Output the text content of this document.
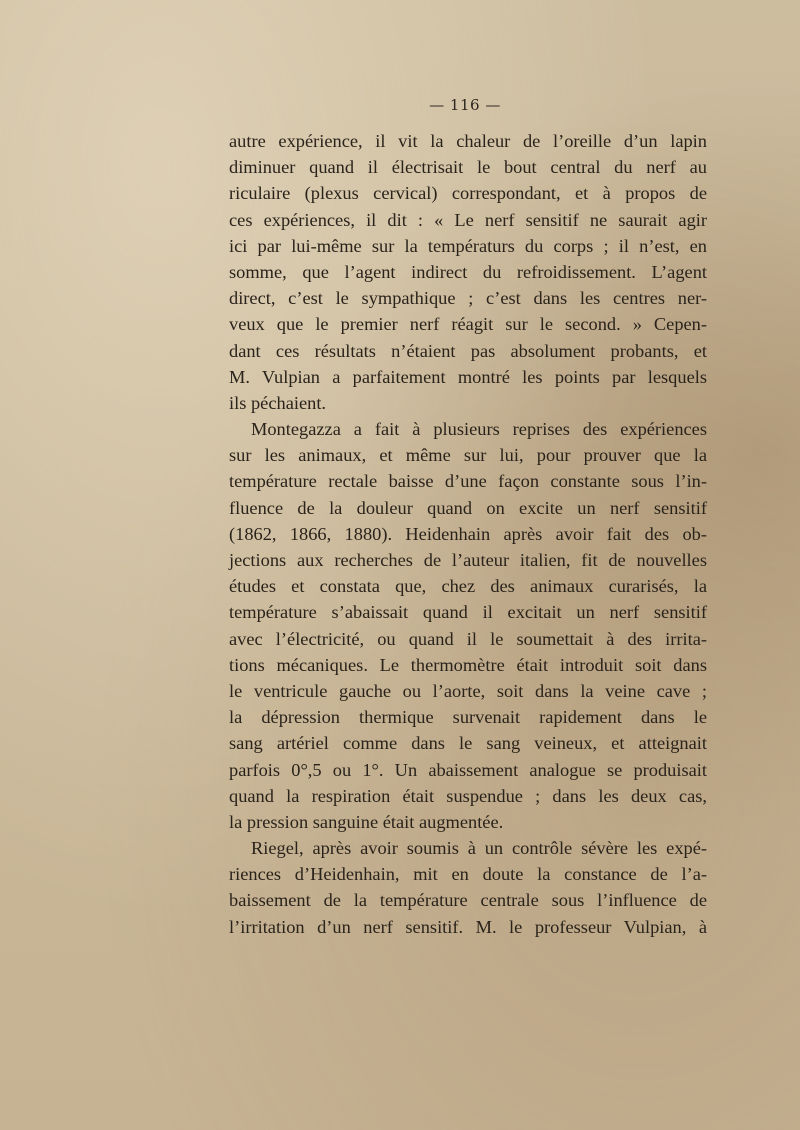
— 116 —
autre expérience, il vit la chaleur de l’oreille d’un lapin
diminuer quand il électrisait le bout central du nerf au
riculaire (plexus cervical) correspondant, et à propos de
ces expériences, il dit : « Le nerf sensitif ne saurait agir
ici par lui-même sur la températurs du corps ; il n’est, en
somme, que l’agent indirect du refroidissement. L’agent
direct, c’est le sympathique ; c’est dans les centres ner-
veux que le premier nerf réagit sur le second. » Cepen-
dant ces résultats n’étaient pas absolument probants, et
M. Vulpian a parfaitement montré les points par lesquels
ils péchaient.
Montegazza a fait à plusieurs reprises des expériences
sur les animaux, et même sur lui, pour prouver que la
température rectale baisse d’une façon constante sous l’in-
fluence de la douleur quand on excite un nerf sensitif
(1862, 1866, 1880). Heidenhain après avoir fait des ob-
jections aux recherches de l’auteur italien, fit de nouvelles
études et constata que, chez des animaux curarisés, la
température s’abaissait quand il excitait un nerf sensitif
avec l’électricité, ou quand il le soumettait à des irrita-
tions mécaniques. Le thermomètre était introduit soit dans
le ventricule gauche ou l’aorte, soit dans la veine cave ;
la dépression thermique survenait rapidement dans le
sang artériel comme dans le sang veineux, et atteignait
parfois 0°,5 ou 1°. Un abaissement analogue se produisait
quand la respiration était suspendue ; dans les deux cas,
la pression sanguine était augmentée.
Riegel, après avoir soumis à un contrôle sévère les expé-
riences d’Heidenhain, mit en doute la constance de l’a-
baissement de la température centrale sous l’influence de
l’irritation d’un nerf sensitif. M. le professeur Vulpian, à
